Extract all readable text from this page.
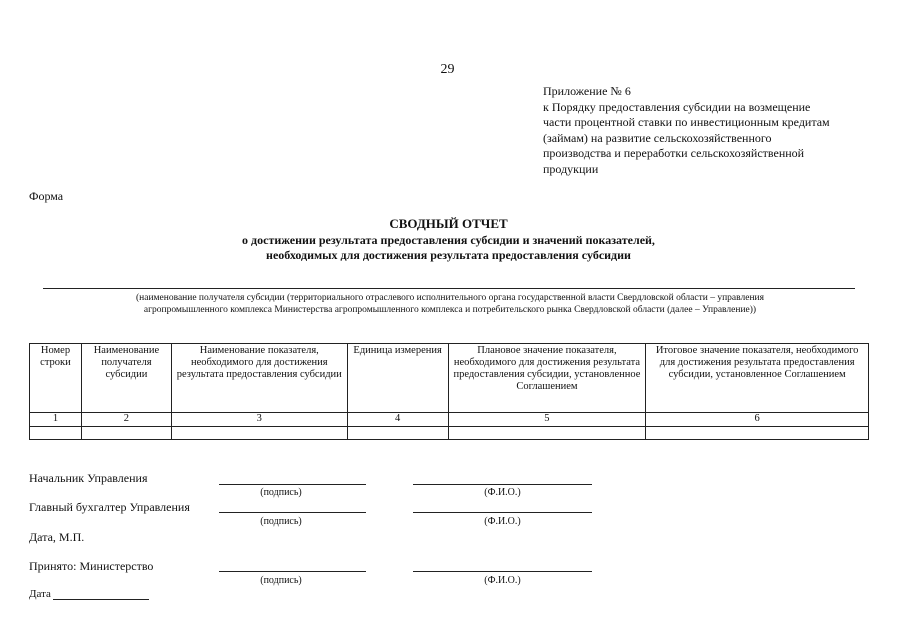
29
Приложение № 6
к Порядку предоставления субсидии на возмещение
части процентной ставки по инвестиционным кредитам
(займам) на развитие сельскохозяйственного
производства и переработки сельскохозяйственной
продукции
Форма
СВОДНЫЙ ОТЧЕТ
о достижении результата предоставления субсидии и значений показателей,
необходимых для достижения результата предоставления субсидии
(наименование получателя субсидии (территориального отраслевого исполнительного органа государственной власти Свердловской области – управления
агропромышленного комплекса Министерства агропромышленного комплекса и потребительского рынка Свердловской области (далее – Управление))
Номер строки	Наименование получателя субсидии	Наименование показателя, необходимого для достижения результата предоставления субсидии	Единица измерения	Плановое значение показателя, необходимого для достижения результата предоставления субсидии, установленное Соглашением	Итоговое значение показателя, необходимого для достижения результата предоставления субсидии, установленное Соглашением
1	2	3	4	5	6

Начальник Управления
(подпись)	(Ф.И.О.)
Главный бухгалтер Управления
(подпись)	(Ф.И.О.)
Дата, М.П.
Принято: Министерство
(подпись)	(Ф.И.О.)
Дата
